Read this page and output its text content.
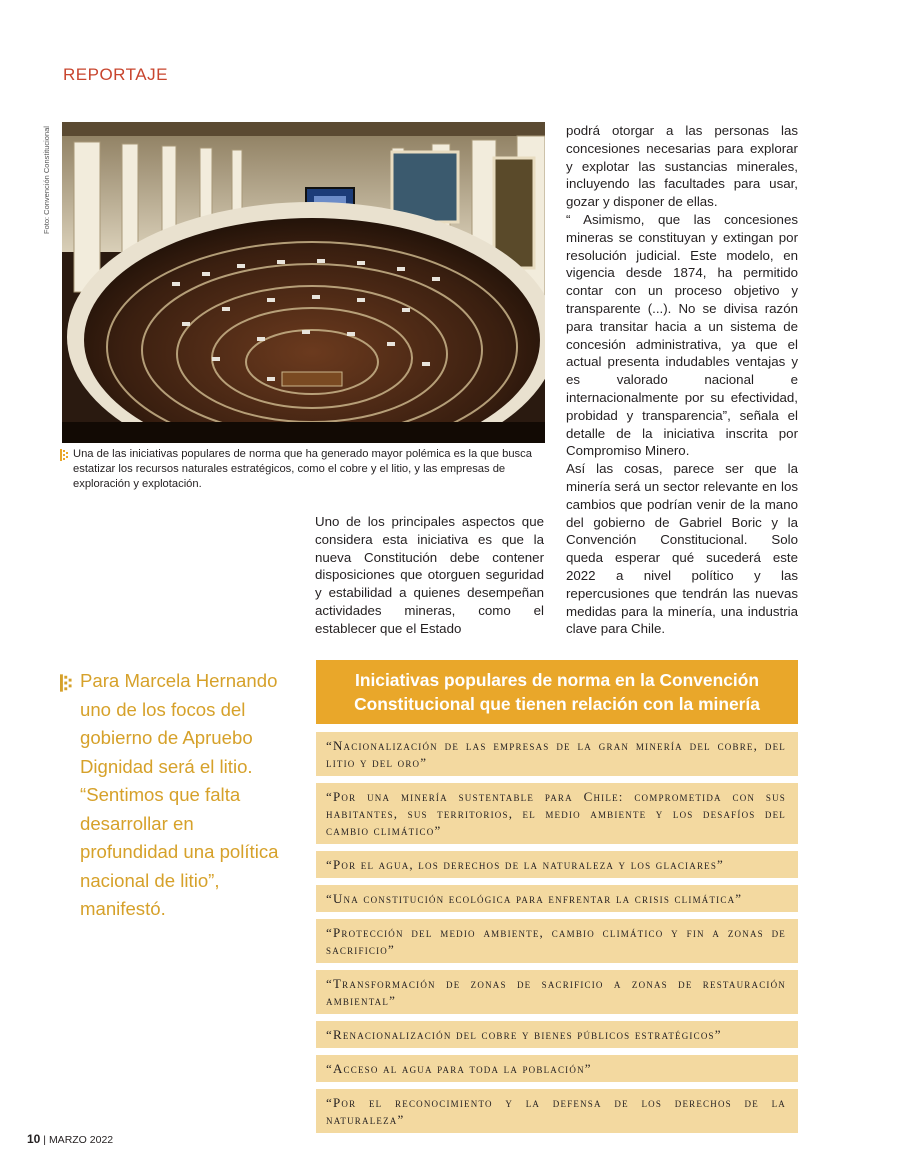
REPORTAJE
Foto: Convención Constitucional

Una de las iniciativas populares de norma que ha generado mayor polémica es la que busca estatizar los recursos naturales estratégicos, como el cobre y el litio, y las empresas de exploración y explotación.

Uno de los principales aspectos que considera esta iniciativa es que la nueva Constitución debe contener disposiciones que otorguen seguridad y estabilidad a quienes desempeñan actividades mineras, como el establecer que el Estado

podrá otorgar a las personas las concesiones necesarias para explorar y explotar las sustancias minerales, incluyendo las facultades para usar, gozar y disponer de ellas.

“ Asimismo, que las concesiones mineras se constituyan y extingan por resolución judicial. Este modelo, en vigencia desde 1874, ha permitido contar con un proceso objetivo y transparente (...). No se divisa razón para transitar hacia a un sistema de concesión administrativa, ya que el actual presenta indudables ventajas y es valorado nacional e internacionalmente por su efectividad, probidad y transparencia”, señala el detalle de la iniciativa inscrita por Compromiso Minero.

Así las cosas, parece ser que la minería será un sector relevante en los cambios que podrían venir de la mano del gobierno de Gabriel Boric y la Convención Constitucional. Solo queda esperar qué sucederá este 2022 a nivel político y las repercusiones que tendrán las nuevas medidas para la minería, una industria clave para Chile.

Para Marcela Hernando uno de los focos del gobierno de Apruebo Dignidad será el litio. “Sentimos que falta desarrollar en profundidad una política nacional de litio”, manifestó.

Iniciativas populares de norma en la Convención Constitucional que tienen relación con la minería
“Nacionalización de las empresas de la gran minería del cobre, del litio y del oro”
“Por una minería sustentable para Chile: comprometida con sus habitantes, sus territorios, el medio ambiente y los desafíos del cambio climático”
“Por el agua, los derechos de la naturaleza y los glaciares”
“Una constitución ecológica para enfrentar la crisis climática”
“Protección del medio ambiente, cambio climático y fin a zonas de sacrificio”
“Transformación de zonas de sacrificio a zonas de restauración ambiental”
“Renacionalización del cobre y bienes públicos estratégicos”
“Acceso al agua para toda la población”
“Por el reconocimiento y la defensa de los derechos de la naturaleza”
10 | MARZO 2022
